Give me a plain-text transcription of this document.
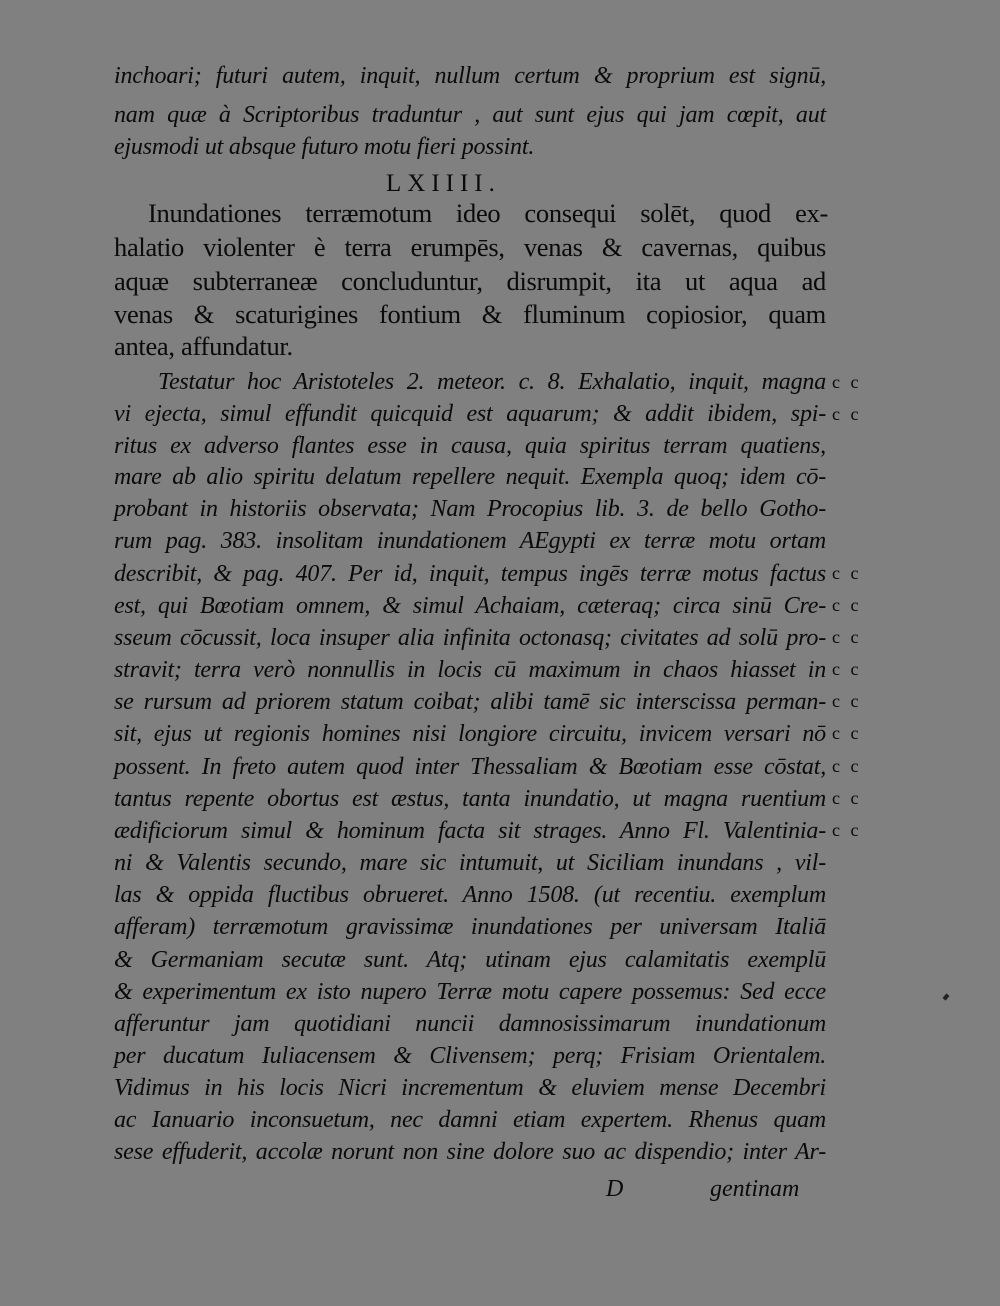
inchoari; futuri autem, inquit, nullum certum & proprium est signū,
nam quæ à Scriptoribus traduntur , aut sunt ejus qui jam cœpit, aut
ejusmodi ut absque futuro motu fieri possint.
LXIIII.
Inundationes terræmotum ideo consequi solēt, quod ex-
halatio violenter è terra erumpēs, venas & cavernas, quibus
aquæ subterraneæ concluduntur, disrumpit, ita ut aqua ad
venas & scaturigines fontium & fluminum copiosior, quam
antea, affundatur.
Testatur hoc Aristoteles 2. meteor. c. 8. Exhalatio, inquit, magna
vi ejecta, simul effundit quicquid est aquarum; & addit ibidem, spi-
ritus ex adverso flantes esse in causa, quia spiritus terram quatiens,
mare ab alio spiritu delatum repellere nequit. Exempla quoq; idem cō-
probant in historiis observata; Nam Procopius lib. 3. de bello Gotho-
rum pag. 383. insolitam inundationem AEgypti ex terræ motu ortam
describit, & pag. 407. Per id, inquit, tempus ingēs terræ motus factus
est, qui Bœotiam omnem, & simul Achaiam, cæteraq; circa sinū Cre-
sseum cōcussit, loca insuper alia infinita octonasq; civitates ad solū pro-
stravit; terra verò nonnullis in locis cū maximum in chaos hiasset in
se rursum ad priorem statum coibat; alibi tamē sic interscissa perman-
sit, ejus ut regionis homines nisi longiore circuitu, invicem versari nō
possent. In freto autem quod inter Thessaliam & Bœotiam esse cōstat,
tantus repente obortus est æstus, tanta inundatio, ut magna ruentium
ædificiorum simul & hominum facta sit strages. Anno Fl. Valentinia-
ni & Valentis secundo, mare sic intumuit, ut Siciliam inundans , vil-
las & oppida fluctibus obrueret. Anno 1508. (ut recentiu. exemplum
afferam) terræmotum gravissimæ inundationes per universam Italiā
& Germaniam secutæ sunt. Atq; utinam ejus calamitatis exemplū
& experimentum ex isto nupero Terræ motu capere possemus: Sed ecce
afferuntur jam quotidiani nuncii damnosissimarum inundationum
per ducatum Iuliacensem & Clivensem; perq; Frisiam Orientalem.
Vidimus in his locis Nicri incrementum & eluviem mense Decembri
ac Ianuario inconsuetum, nec damni etiam expertem. Rhenus quam
sese effuderit, accolæ norunt non sine dolore suo ac dispendio; inter Ar-
c c
c c
c c
c c
c c
c c
c c
c c
c c
c c
c c
D	gentinam
